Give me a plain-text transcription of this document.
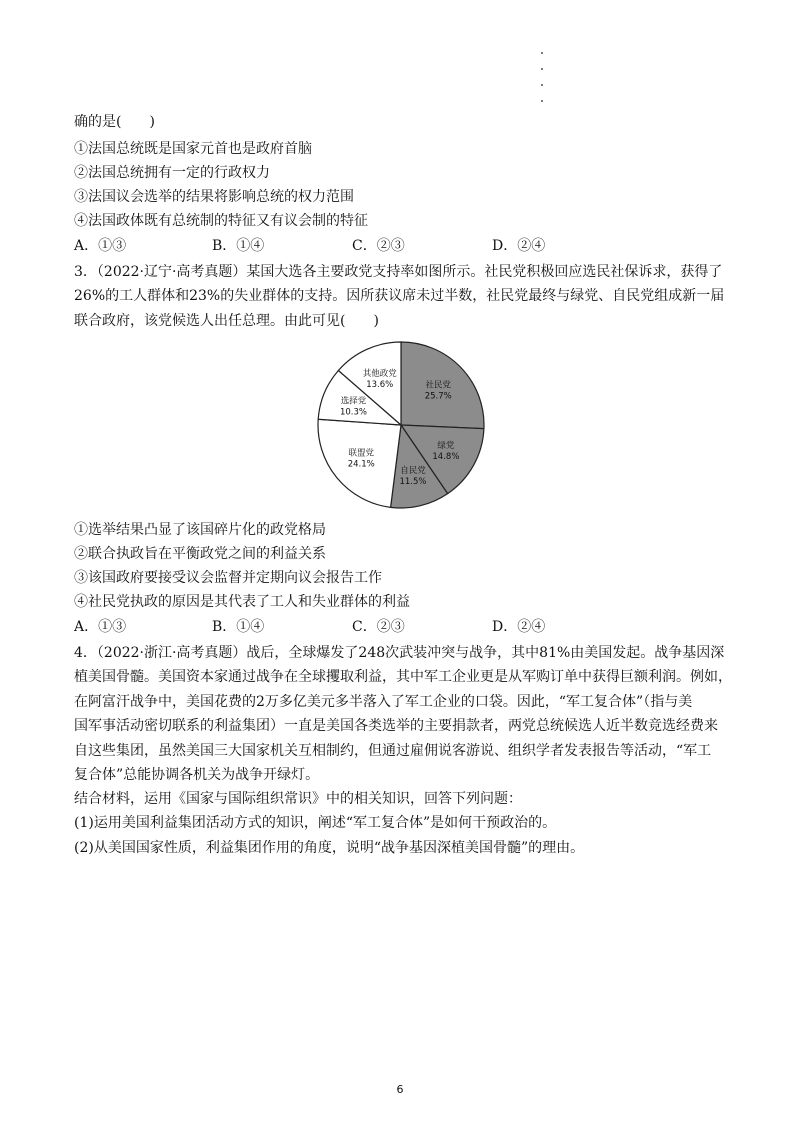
确的是(　　)
①法国总统既是国家元首也是政府首脑
②法国总统拥有一定的行政权力
③法国议会选举的结果将影响总统的权力范围
④法国政体既有总统制的特征又有议会制的特征
A．①③	B．①④	C．②③	D．②④
3．（2022·辽宁·高考真题）某国大选各主要政党支持率如图所示。社民党积极回应选民社保诉求，获得了
26%的工人群体和23%的失业群体的支持。因所获议席未过半数，社民党最终与绿党、自民党组成新一届
联合政府，该党候选人出任总理。由此可见(　　)
社民党
25.7%
绿党
14.8%
自民党
11.5%
联盟党
24.1%
选择党
10.3%
其他政党
13.6%
①选举结果凸显了该国碎片化的政党格局
②联合执政旨在平衡政党之间的利益关系
③该国政府要接受议会监督并定期向议会报告工作
④社民党执政的原因是其代表了工人和失业群体的利益
A．①③	B．①④	C．②③	D．②④
4．（2022·浙江·高考真题）战后，全球爆发了248次武装冲突与战争，其中81%由美国发起。战争基因深
植美国骨髓。美国资本家通过战争在全球攫取利益，其中军工企业更是从军购订单中获得巨额利润。例如，
在阿富汗战争中，美国花费的2万多亿美元多半落入了军工企业的口袋。因此，“军工复合体”（指与美
国军事活动密切联系的利益集团）一直是美国各类选举的主要捐款者，两党总统候选人近半数竞选经费来
自这些集团，虽然美国三大国家机关互相制约，但通过雇佣说客游说、组织学者发表报告等活动，“军工
复合体”总能协调各机关为战争开绿灯。
结合材料，运用《国家与国际组织常识》中的相关知识，回答下列问题：
(1)运用美国利益集团活动方式的知识，阐述“军工复合体”是如何干预政治的。
(2)从美国国家性质，利益集团作用的角度，说明“战争基因深植美国骨髓”的理由。
6
